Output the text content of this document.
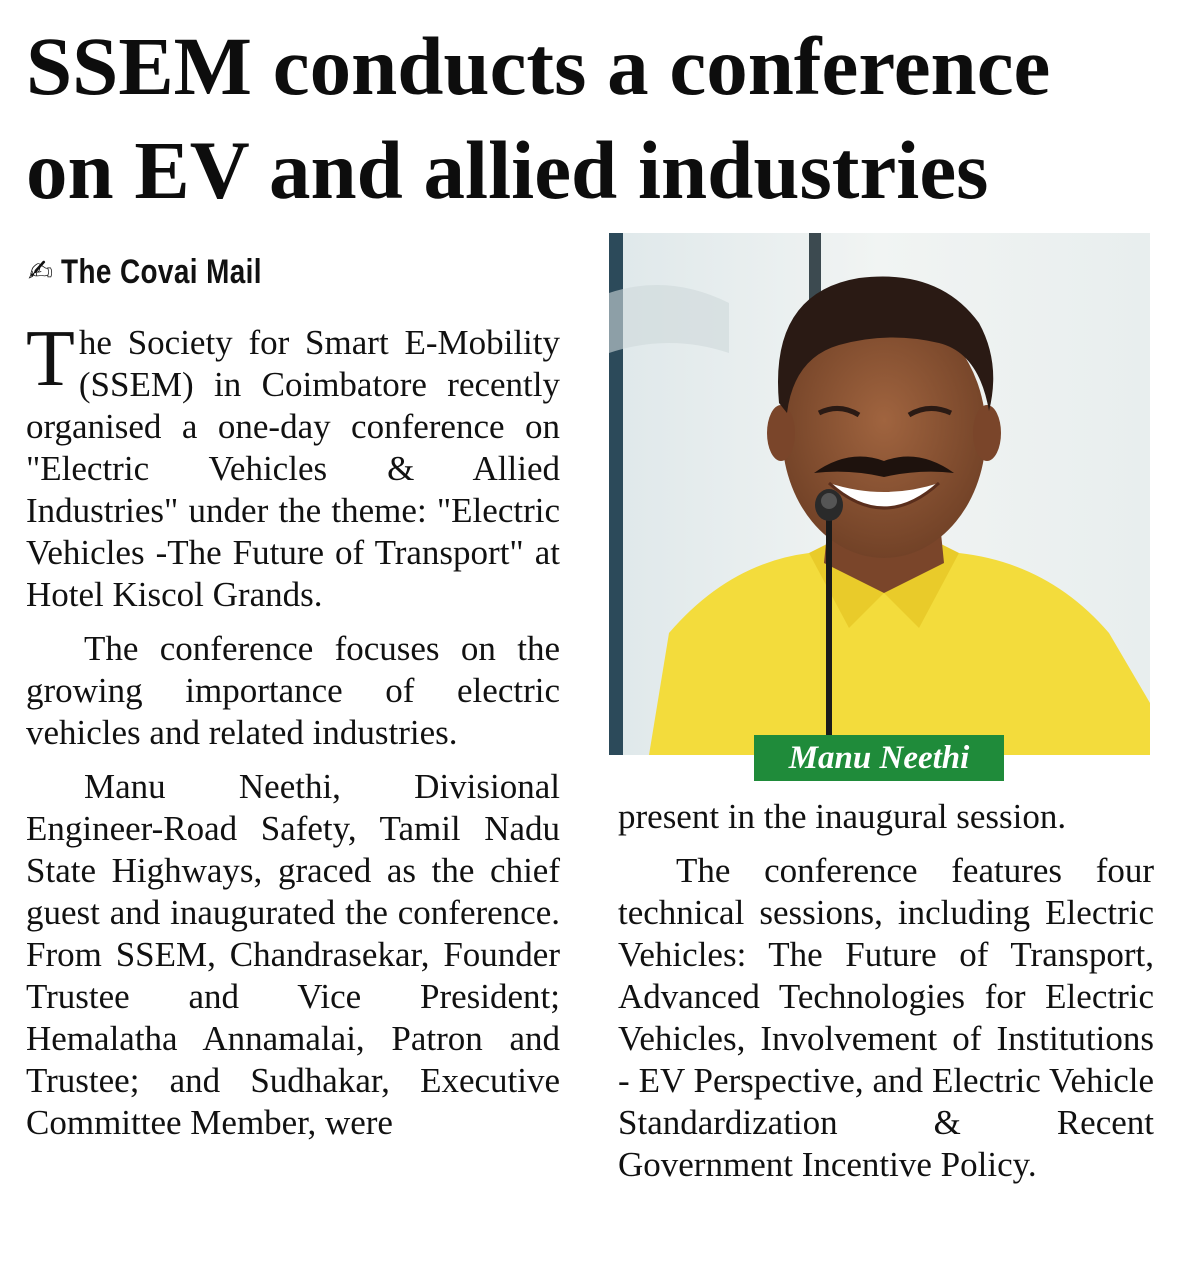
SSEM conducts a conference
on EV and allied industries
✍ The Covai Mail

The Society for Smart E-Mobility (SSEM) in Coimbatore recently organised a one-day conference on "Electric Vehicles & Allied Industries" under the theme: "Electric Vehicles -The Future of Transport" at Hotel Kiscol Grands.

The conference focuses on the growing importance of electric vehicles and related industries.

Manu Neethi, Divisional Engineer-Road Safety, Tamil Nadu State Highways, graced as the chief guest and inaugurated the conference. From SSEM, Chandrasekar, Founder Trustee and Vice President; Hemalatha Annamalai, Patron and Trustee; and Sudhakar, Executive Committee Member, were

Manu Neethi

present in the inaugural session.

The conference features four technical sessions, including Electric Vehicles: The Future of Transport, Advanced Technologies for Electric Vehicles, Involvement of Institutions - EV Perspective, and Electric Vehicle Standardization & Recent Government Incentive Policy.
